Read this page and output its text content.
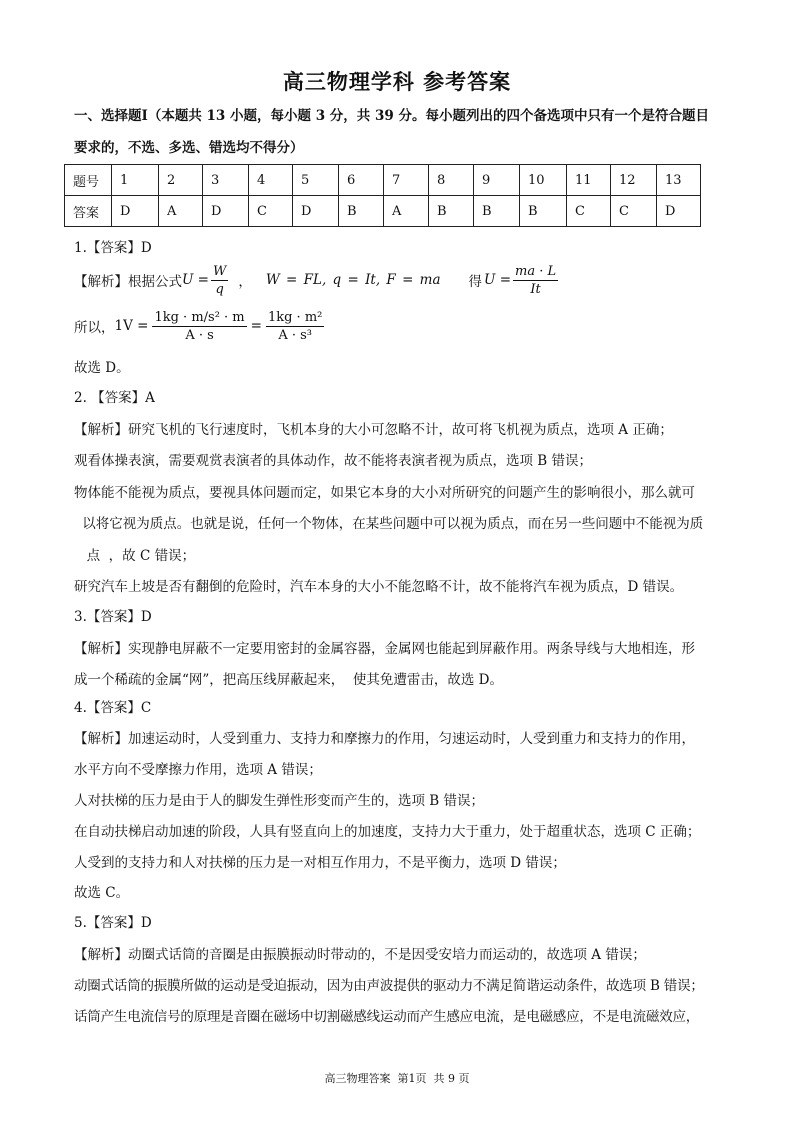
高三物理学科 参考答案
一、选择题Ⅰ（本题共 13 小题，每小题 3 分，共 39 分。每小题列出的四个备选项中只有一个是符合题目
要求的，不选、多选、错选均不得分）
题号	1	2	3	4	5	6	7	8	9	10	11	12	13
答案	D	A	D	C	D	B	A	B	B	B	C	C	D
1.【答案】D
【解析】根据公式 $U = \frac{W}{q}$ ， W = FL, q = It, F = ma 得 $U = \frac{ma \cdot L}{It}$
所以， $1V = \frac{\text{1kg · m/s² · m}}{A \cdot s} = \frac{\text{1kg · m²}}{\text{A · s³}}$
故选 D。
2. 【答案】A
【解析】研究飞机的飞行速度时，飞机本身的大小可忽略不计，故可将飞机视为质点，选项 A 正确；
观看体操表演，需要观赏表演者的具体动作，故不能将表演者视为质点，选项 B 错误；
物体能不能视为质点，要视具体问题而定，如果它本身的大小对所研究的问题产生的影响很小，那么就可
以将它视为质点。也就是说，任何一个物体，在某些问题中可以视为质点，而在另一些问题中不能视为质
点  ，故 C 错误；
研究汽车上坡是否有翻倒的危险时，汽车本身的大小不能忽略不计，故不能将汽车视为质点，D 错误。
3.【答案】D
【解析】实现静电屏蔽不一定要用密封的金属容器，金属网也能起到屏蔽作用。两条导线与大地相连，形
成一个稀疏的金属“网”，把高压线屏蔽起来，  使其免遭雷击，故选 D。
4.【答案】C
【解析】加速运动时，人受到重力、支持力和摩擦力的作用，匀速运动时，人受到重力和支持力的作用，
水平方向不受摩擦力作用，选项 A 错误；
人对扶梯的压力是由于人的脚发生弹性形变而产生的，选项 B 错误；
在自动扶梯启动加速的阶段，人具有竖直向上的加速度，支持力大于重力，处于超重状态，选项 C 正确；
人受到的支持力和人对扶梯的压力是一对相互作用力，不是平衡力，选项 D 错误；
故选 C。
5.【答案】D
【解析】动圈式话筒的音圈是由振膜振动时带动的，不是因受安培力而运动的，故选项 A 错误；
动圈式话筒的振膜所做的运动是受迫振动，因为由声波提供的驱动力不满足简谐运动条件，故选项 B 错误；
话筒产生电流信号的原理是音圈在磁场中切割磁感线运动而产生感应电流，是电磁感应，不是电流磁效应，
高三物理答案  第1页  共 9 页
